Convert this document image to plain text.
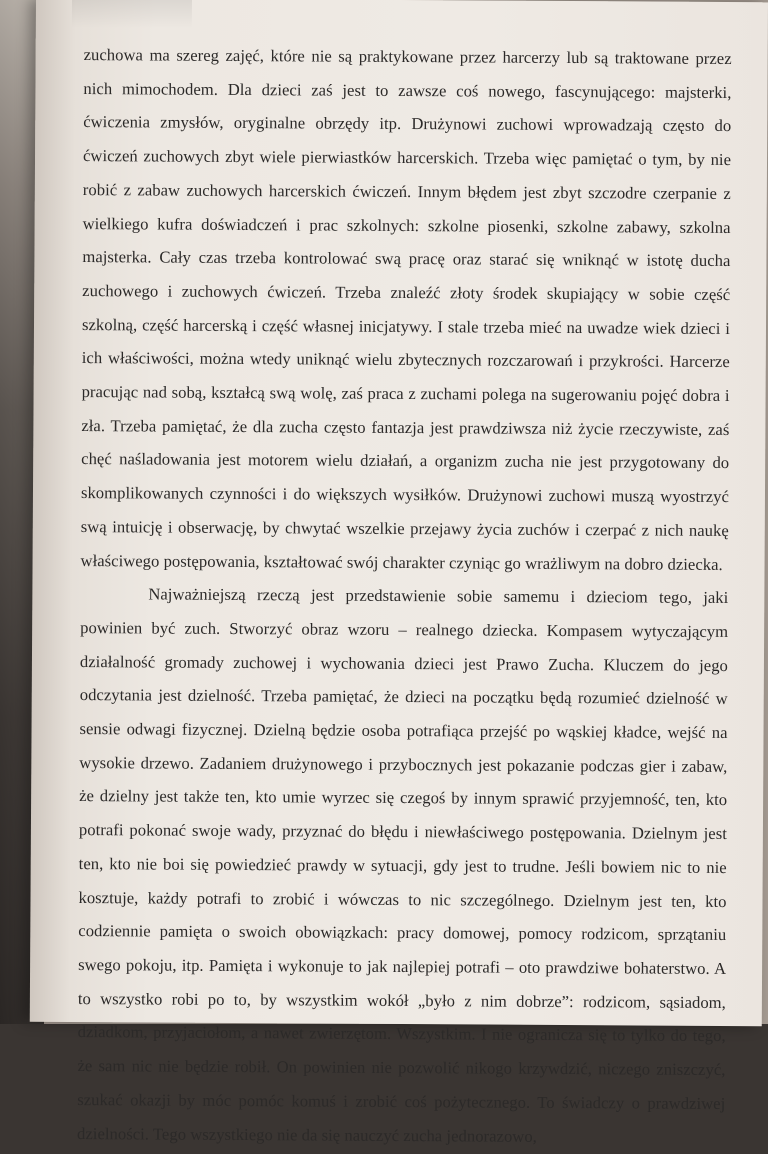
zuchowa ma szereg zajęć, które nie są praktykowane przez harcerzy lub są traktowane przez nich mimochodem. Dla dzieci zaś jest to zawsze coś nowego, fascynującego: majsterki, ćwiczenia zmysłów, oryginalne obrzędy itp. Drużynowi zuchowi wprowadzają często do ćwiczeń zuchowych zbyt wiele pierwiastków harcerskich. Trzeba więc pamiętać o tym, by nie robić z zabaw zuchowych harcerskich ćwiczeń. Innym błędem jest zbyt szczodre czerpanie z wielkiego kufra doświadczeń i prac szkolnych: szkolne piosenki, szkolne zabawy, szkolna majsterka. Cały czas trzeba kontrolować swą pracę oraz starać się wniknąć w istotę ducha zuchowego i zuchowych ćwiczeń. Trzeba znaleźć złoty środek skupiający w sobie część szkolną, część harcerską i część własnej inicjatywy. I stale trzeba mieć na uwadze wiek dzieci i ich właściwości, można wtedy uniknąć wielu zbytecznych rozczarowań i przykrości. Harcerze pracując nad sobą, kształcą swą wolę, zaś praca z zuchami polega na sugerowaniu pojęć dobra i zła. Trzeba pamiętać, że dla zucha często fantazja jest prawdziwsza niż życie rzeczywiste, zaś chęć naśladowania jest motorem wielu działań, a organizm zucha nie jest przygotowany do skomplikowanych czynności i do większych wysiłków. Drużynowi zuchowi muszą wyostrzyć swą intuicję i obserwację, by chwytać wszelkie przejawy życia zuchów i czerpać z nich naukę właściwego postępowania, kształtować swój charakter czyniąc go wrażliwym na dobro dziecka.

Najważniejszą rzeczą jest przedstawienie sobie samemu i dzieciom tego, jaki powinien być zuch. Stworzyć obraz wzoru – realnego dziecka. Kompasem wytyczającym działalność gromady zuchowej i wychowania dzieci jest Prawo Zucha. Kluczem do jego odczytania jest dzielność. Trzeba pamiętać, że dzieci na początku będą rozumieć dzielność w sensie odwagi fizycznej. Dzielną będzie osoba potrafiąca przejść po wąskiej kładce, wejść na wysokie drzewo. Zadaniem drużynowego i przybocznych jest pokazanie podczas gier i zabaw, że dzielny jest także ten, kto umie wyrzec się czegoś by innym sprawić przyjemność, ten, kto potrafi pokonać swoje wady, przyznać do błędu i niewłaściwego postępowania. Dzielnym jest ten, kto nie boi się powiedzieć prawdy w sytuacji, gdy jest to trudne. Jeśli bowiem nic to nie kosztuje, każdy potrafi to zrobić i wówczas to nic szczególnego. Dzielnym jest ten, kto codziennie pamięta o swoich obowiązkach: pracy domowej, pomocy rodzicom, sprzątaniu swego pokoju, itp. Pamięta i wykonuje to jak najlepiej potrafi – oto prawdziwe bohaterstwo. A to wszystko robi po to, by wszystkim wokół „było z nim dobrze”: rodzicom, sąsiadom, dziadkom, przyjaciołom, a nawet zwierzętom. Wszystkim. I nie ogranicza się to tylko do tego, że sam nic nie będzie robił. On powinien nie pozwolić nikogo krzywdzić, niczego zniszczyć, szukać okazji by móc pomóc komuś i zrobić coś pożytecznego. To świadczy o prawdziwej dzielności. Tego wszystkiego nie da się nauczyć zucha jednorazowo,
